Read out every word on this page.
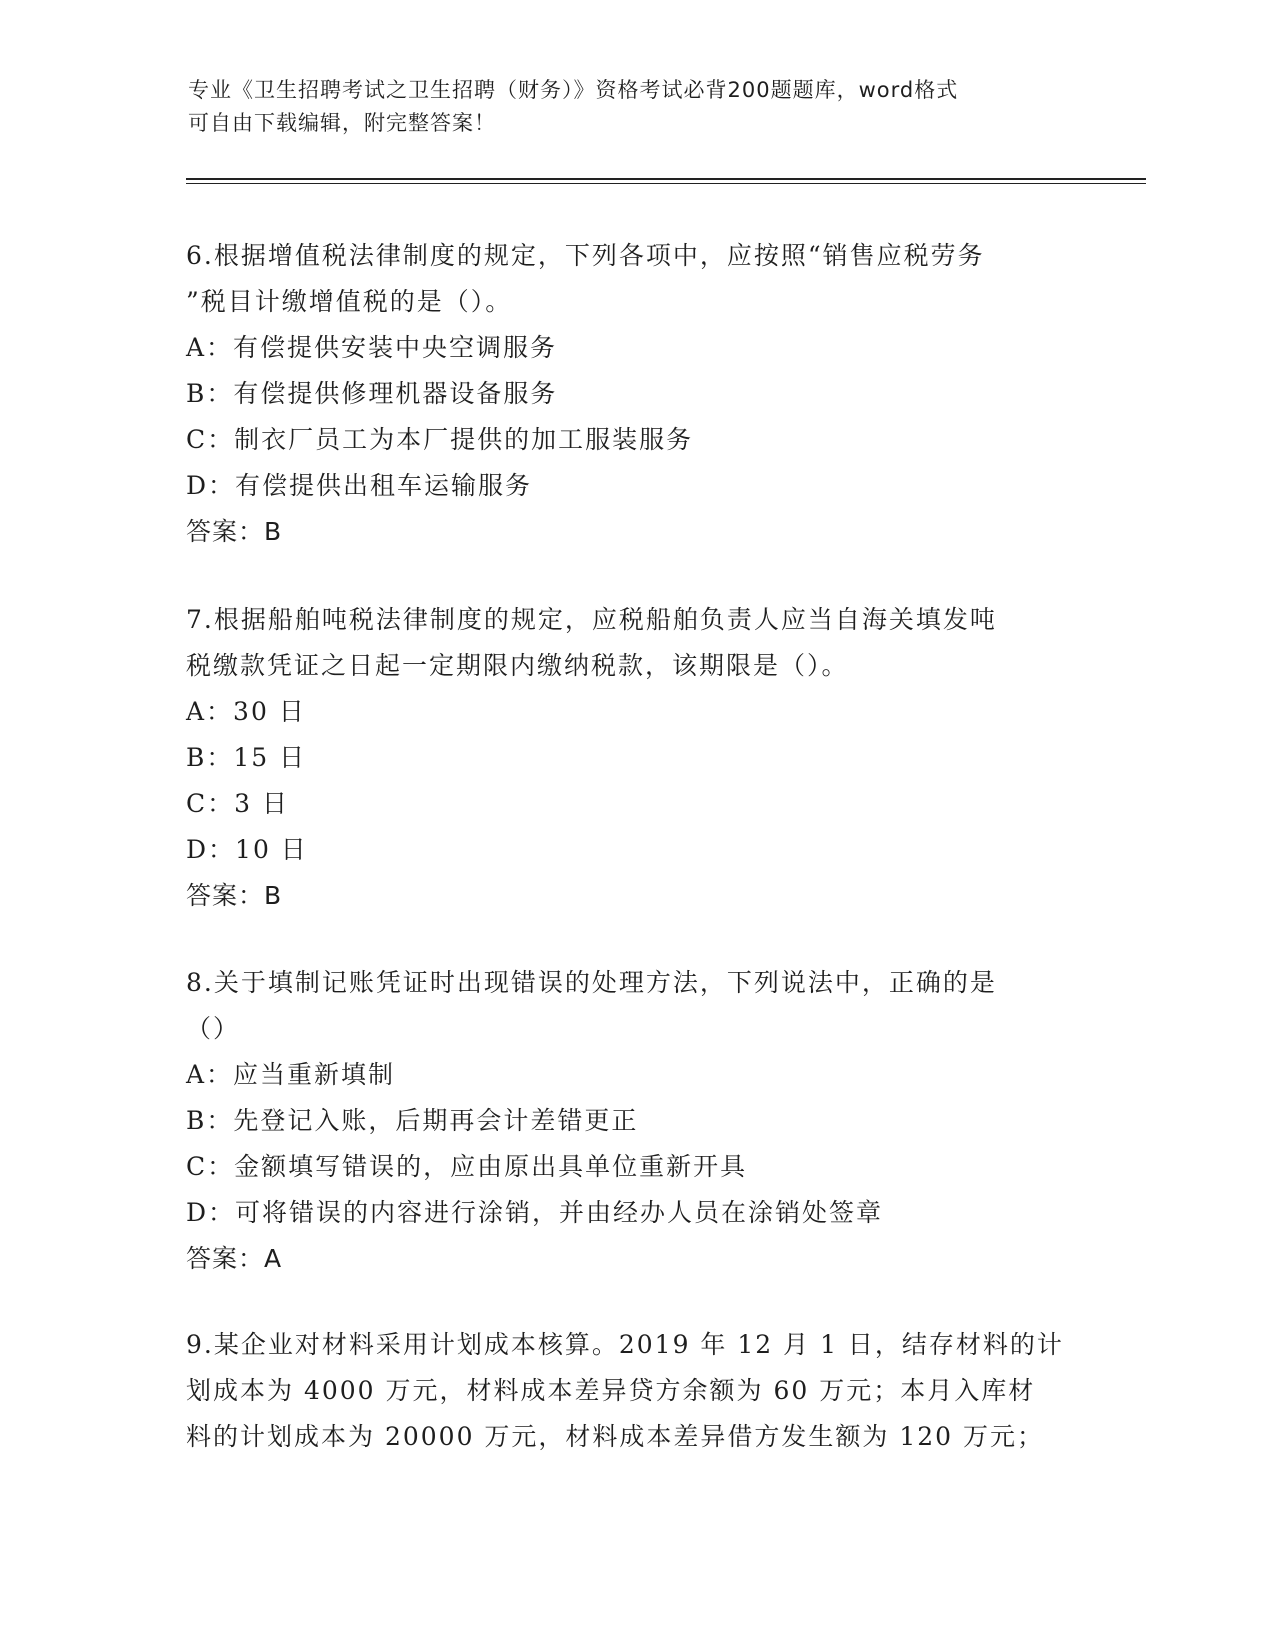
专业《卫生招聘考试之卫生招聘（财务）》资格考试必背200题题库，word格式
可自由下载编辑，附完整答案！
6.根据增值税法律制度的规定，下列各项中，应按照“销售应税劳务
”税目计缴增值税的是（）。
A：有偿提供安装中央空调服务
B：有偿提供修理机器设备服务
C：制衣厂员工为本厂提供的加工服装服务
D：有偿提供出租车运输服务
答案：B
7.根据船舶吨税法律制度的规定，应税船舶负责人应当自海关填发吨
税缴款凭证之日起一定期限内缴纳税款，该期限是（）。
A：30 日
B：15 日
C：3 日
D：10 日
答案：B
8.关于填制记账凭证时出现错误的处理方法，下列说法中，正确的是
（）
A：应当重新填制
B：先登记入账，后期再会计差错更正
C：金额填写错误的，应由原出具单位重新开具
D：可将错误的内容进行涂销，并由经办人员在涂销处签章
答案：A
9.某企业对材料采用计划成本核算。2019 年 12 月 1 日，结存材料的计
划成本为 4000 万元，材料成本差异贷方余额为 60 万元；本月入库材
料的计划成本为 20000 万元，材料成本差异借方发生额为 120 万元；
